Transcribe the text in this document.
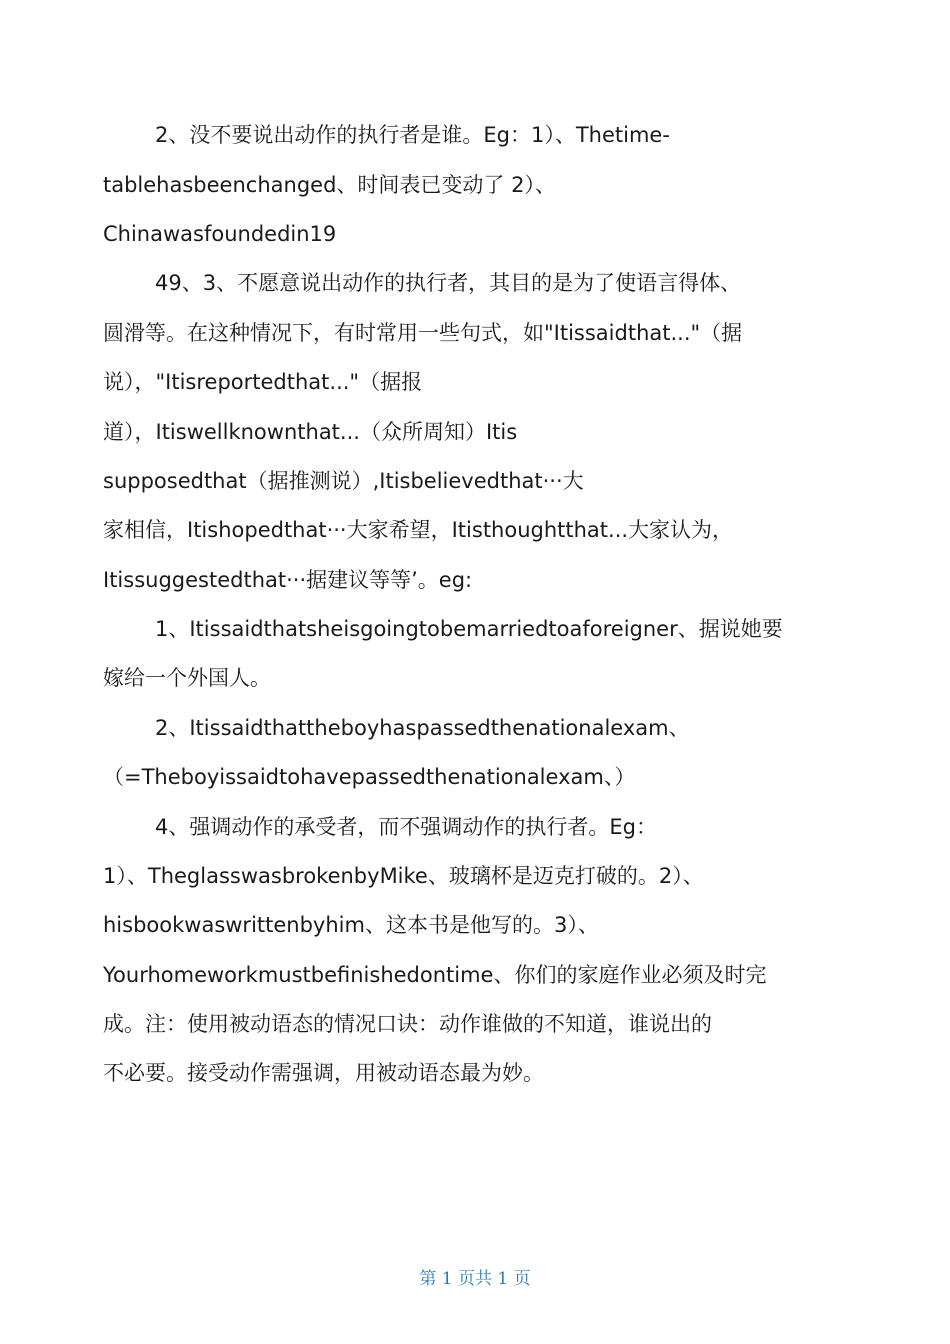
2、没不要说出动作的执行者是谁。Eg：1）、Thetime-
tablehasbeenchanged、时间表已变动了 2）、
Chinawasfoundedin19
49、3、不愿意说出动作的执行者，其目的是为了使语言得体、
圆滑等。在这种情况下，有时常用一些句式，如"Itissaidthat..."（据
说），"Itisreportedthat..."（据报
道），Itiswellknownthat...（众所周知）Itis
supposedthat（据推测说）,Itisbelievedthat···大
家相信，Itishopedthat···大家希望，Itisthoughtthat...大家认为，
Itissuggestedthat···据建议等等’。eg:
1、Itissaidthatsheisgoingtobemarriedtoaforeigner、据说她要
嫁给一个外国人。
2、Itissaidthattheboyhaspassedthenationalexam、
（=Theboyissaidtohavepassedthenationalexam、）
4、强调动作的承受者，而不强调动作的执行者。Eg：
1）、TheglasswasbrokenbyMike、玻璃杯是迈克打破的。2）、
hisbookwaswrittenbyhim、这本书是他写的。3）、
Yourhomeworkmustbefinishedontime、你们的家庭作业必须及时完
成。注：使用被动语态的情况口诀：动作谁做的不知道，谁说出的
不必要。接受动作需强调，用被动语态最为妙。
第 1 页共 1 页
